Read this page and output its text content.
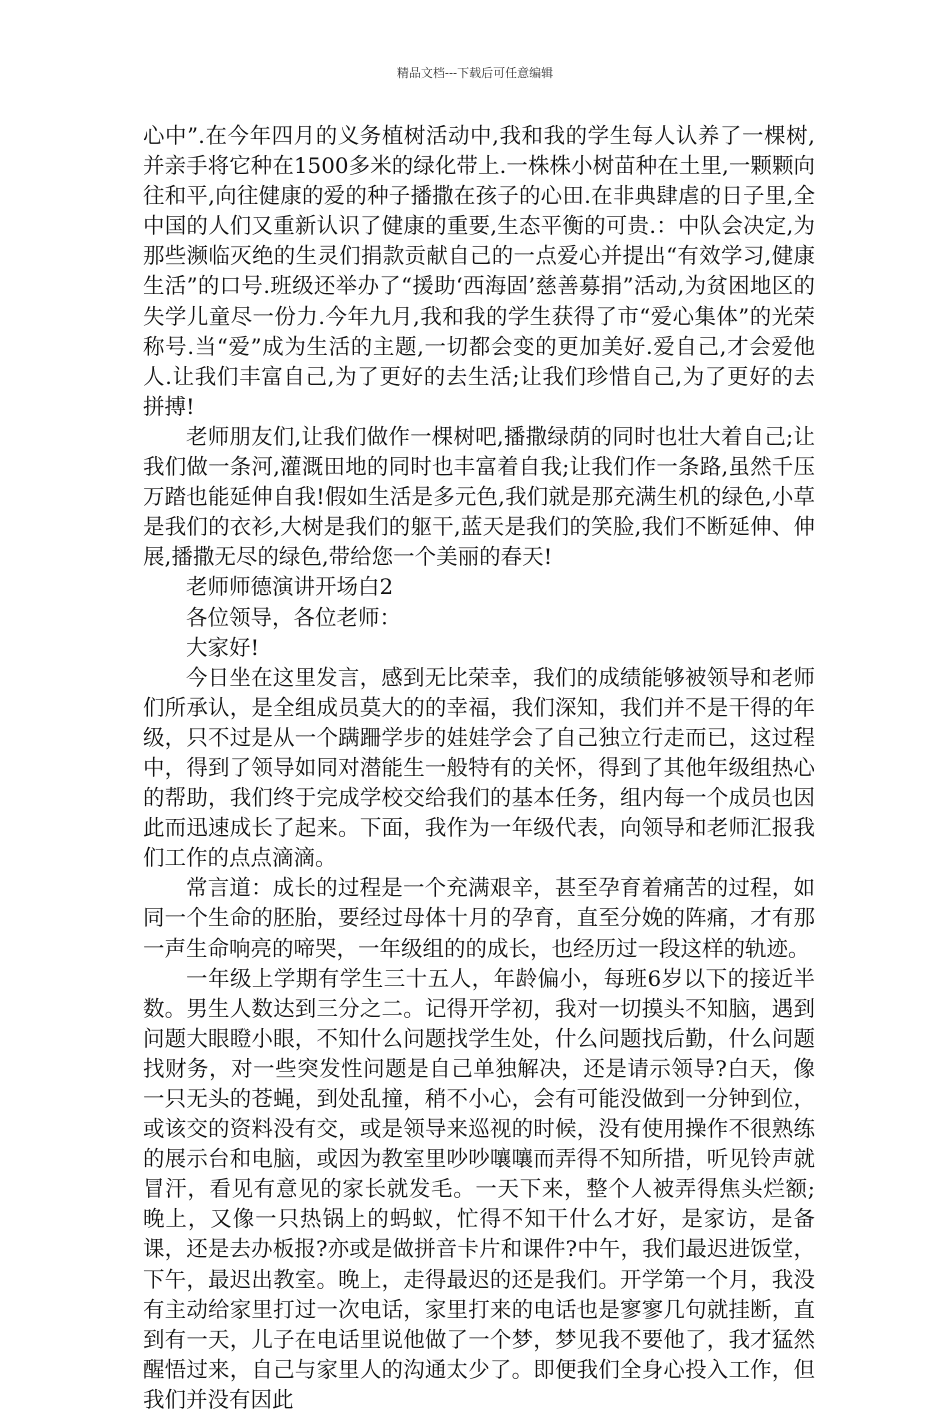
精品文档---下载后可任意编辑

心中”.在今年四月的义务植树活动中,我和我的学生每人认养了一棵树,并亲手将它种在1500多米的绿化带上.一株株小树苗种在土里,一颗颗向往和平,向往健康的爱的种子播撒在孩子的心田.在非典肆虐的日子里,全中国的人们又重新认识了健康的重要,生态平衡的可贵.：中队会决定,为那些濒临灭绝的生灵们捐款贡献自己的一点爱心并提出“有效学习,健康生活”的口号.班级还举办了“援助‘西海固’慈善募捐”活动,为贫困地区的失学儿童尽一份力.今年九月,我和我的学生获得了市“爱心集体”的光荣称号.当“爱”成为生活的主题,一切都会变的更加美好.爱自己,才会爱他人.让我们丰富自己,为了更好的去生活;让我们珍惜自己,为了更好的去拼搏!

老师朋友们,让我们做作一棵树吧,播撒绿荫的同时也壮大着自己;让我们做一条河,灌溉田地的同时也丰富着自我;让我们作一条路,虽然千压万踏也能延伸自我!假如生活是多元色,我们就是那充满生机的绿色,小草是我们的衣衫,大树是我们的躯干,蓝天是我们的笑脸,我们不断延伸、伸展,播撒无尽的绿色,带给您一个美丽的春天!

老师师德演讲开场白2

各位领导，各位老师：

大家好!

今日坐在这里发言，感到无比荣幸，我们的成绩能够被领导和老师们所承认，是全组成员莫大的的幸福，我们深知，我们并不是干得的年级，只不过是从一个蹒跚学步的娃娃学会了自己独立行走而已，这过程中，得到了领导如同对潜能生一般特有的关怀，得到了其他年级组热心的帮助，我们终于完成学校交给我们的基本任务，组内每一个成员也因此而迅速成长了起来。下面，我作为一年级代表，向领导和老师汇报我们工作的点点滴滴。

常言道：成长的过程是一个充满艰辛，甚至孕育着痛苦的过程，如同一个生命的胚胎，要经过母体十月的孕育，直至分娩的阵痛，才有那一声生命响亮的啼哭，一年级组的的成长，也经历过一段这样的轨迹。

一年级上学期有学生三十五人，年龄偏小，每班6岁以下的接近半数。男生人数达到三分之二。记得开学初，我对一切摸头不知脑，遇到问题大眼瞪小眼，不知什么问题找学生处，什么问题找后勤，什么问题找财务，对一些突发性问题是自己单独解决，还是请示领导?白天，像一只无头的苍蝇，到处乱撞，稍不小心，会有可能没做到一分钟到位，或该交的资料没有交，或是领导来巡视的时候，没有使用操作不很熟练的展示台和电脑，或因为教室里吵吵嚷嚷而弄得不知所措，听见铃声就冒汗，看见有意见的家长就发毛。一天下来，整个人被弄得焦头烂额;晚上，又像一只热锅上的蚂蚁，忙得不知干什么才好，是家访，是备课，还是去办板报?亦或是做拼音卡片和课件?中午，我们最迟进饭堂，下午，最迟出教室。晚上，走得最迟的还是我们。开学第一个月，我没有主动给家里打过一次电话，家里打来的电话也是寥寥几句就挂断，直到有一天，儿子在电话里说他做了一个梦，梦见我不要他了，我才猛然醒悟过来，自己与家里人的沟通太少了。即便我们全身心投入工作，但我们并没有因此
